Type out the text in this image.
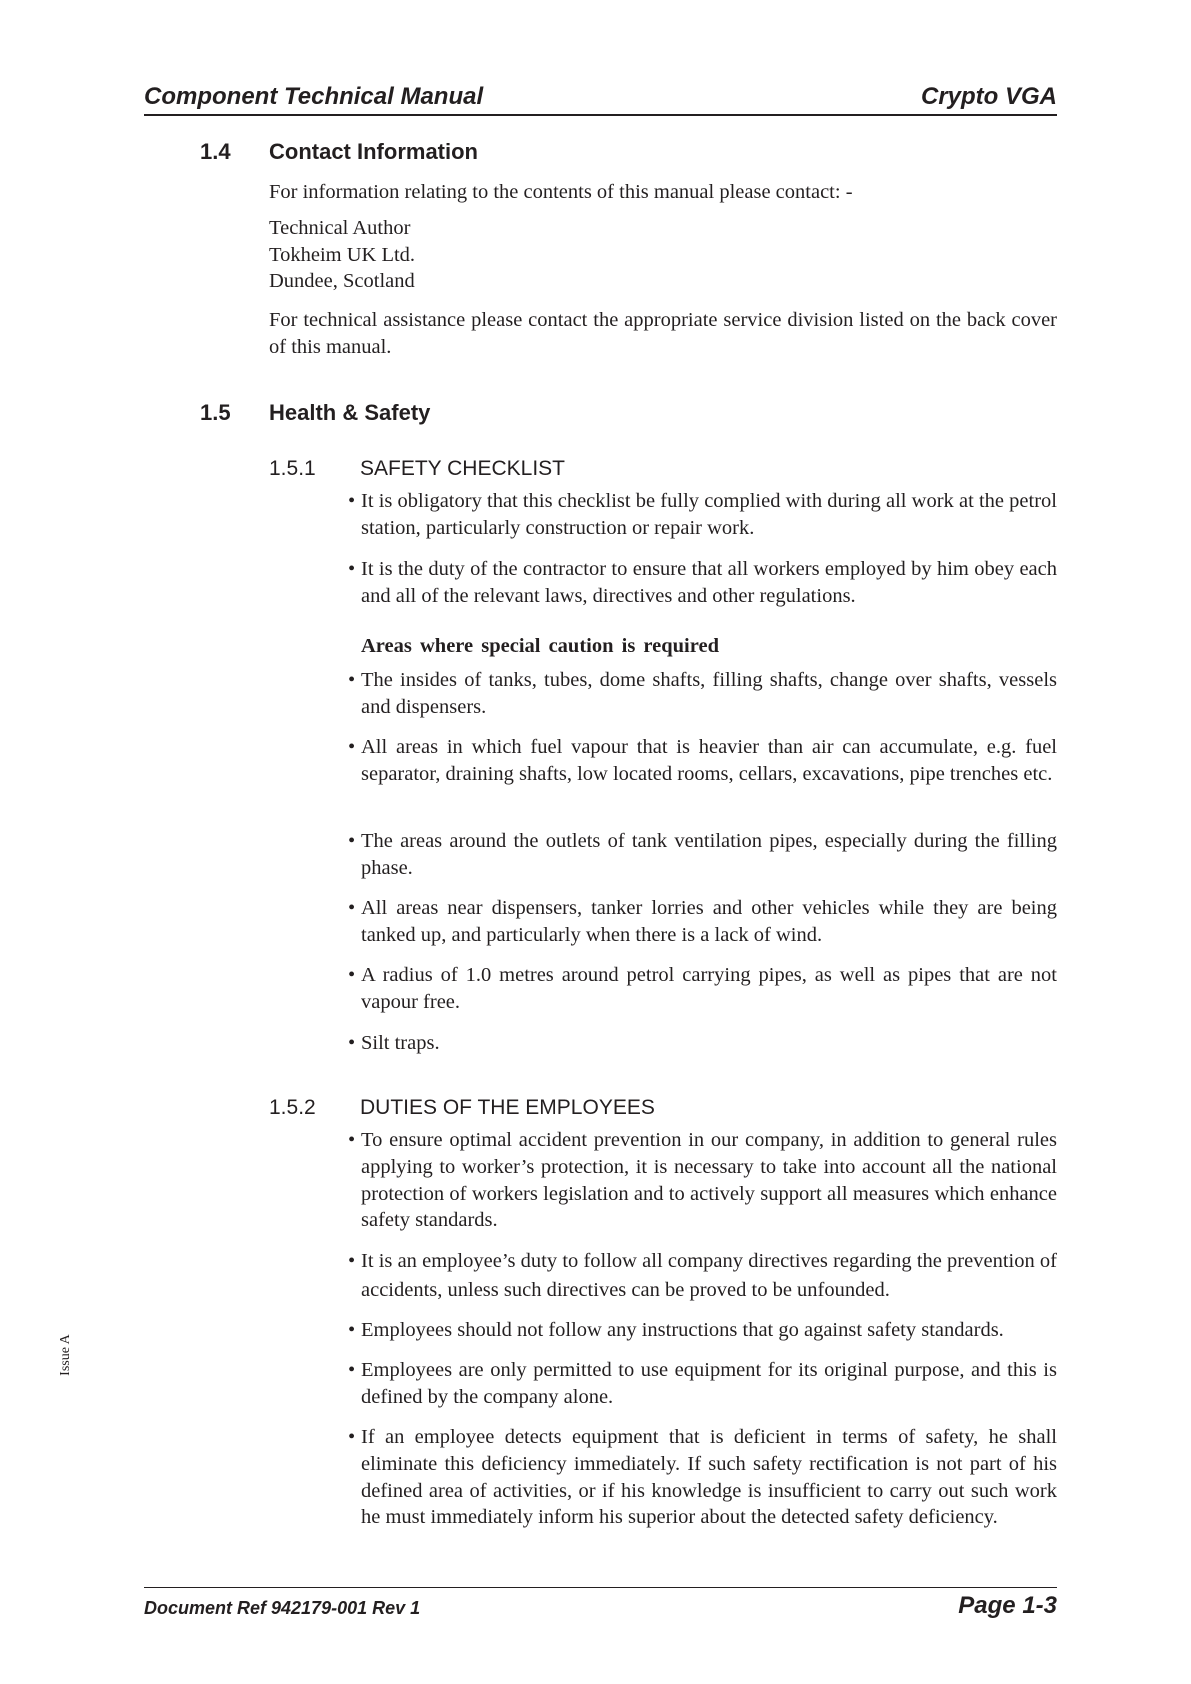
Component Technical Manual	Crypto VGA
1.4 Contact Information
For information relating to the contents of this manual please contact: -
Technical Author
Tokheim UK Ltd.
Dundee, Scotland
For technical assistance please contact the appropriate service division listed on the back cover of this manual.
1.5 Health & Safety
1.5.1 SAFETY CHECKLIST
• It is obligatory that this checklist be fully complied with during all work at the petrol station, particularly construction or repair work.
• It is the duty of the contractor to ensure that all workers employed by him obey each and all of the relevant laws, directives and other regulations.
Areas where special caution is required
• The insides of tanks, tubes, dome shafts, filling shafts, change over shafts, vessels and dispensers.
• All areas in which fuel vapour that is heavier than air can accumulate, e.g. fuel separator, draining shafts, low located rooms, cellars, excavations, pipe trenches etc.
• The areas around the outlets of tank ventilation pipes, especially during the filling phase.
• All areas near dispensers, tanker lorries and other vehicles while they are being tanked up, and particularly when there is a lack of wind.
• A radius of 1.0 metres around petrol carrying pipes, as well as pipes that are not vapour free.
• Silt traps.
1.5.2 DUTIES OF THE EMPLOYEES
• To ensure optimal accident prevention in our company, in addition to general rules applying to worker’s protection, it is necessary to take into account all the national protection of workers legislation and to actively support all measures which enhance safety standards.
• It is an employee’s duty to follow all company directives regarding the prevention of accidents, unless such directives can be proved to be unfounded.
• Employees should not follow any instructions that go against safety standards.
• Employees are only permitted to use equipment for its original purpose, and this is defined by the company alone.
• If an employee detects equipment that is deficient in terms of safety, he shall eliminate this deficiency immediately. If such safety rectification is not part of his defined area of activities, or if his knowledge is insufficient to carry out such work he must immediately inform his superior about the detected safety deficiency.
Issue A
Document Ref 942179-001 Rev 1	Page 1-3
